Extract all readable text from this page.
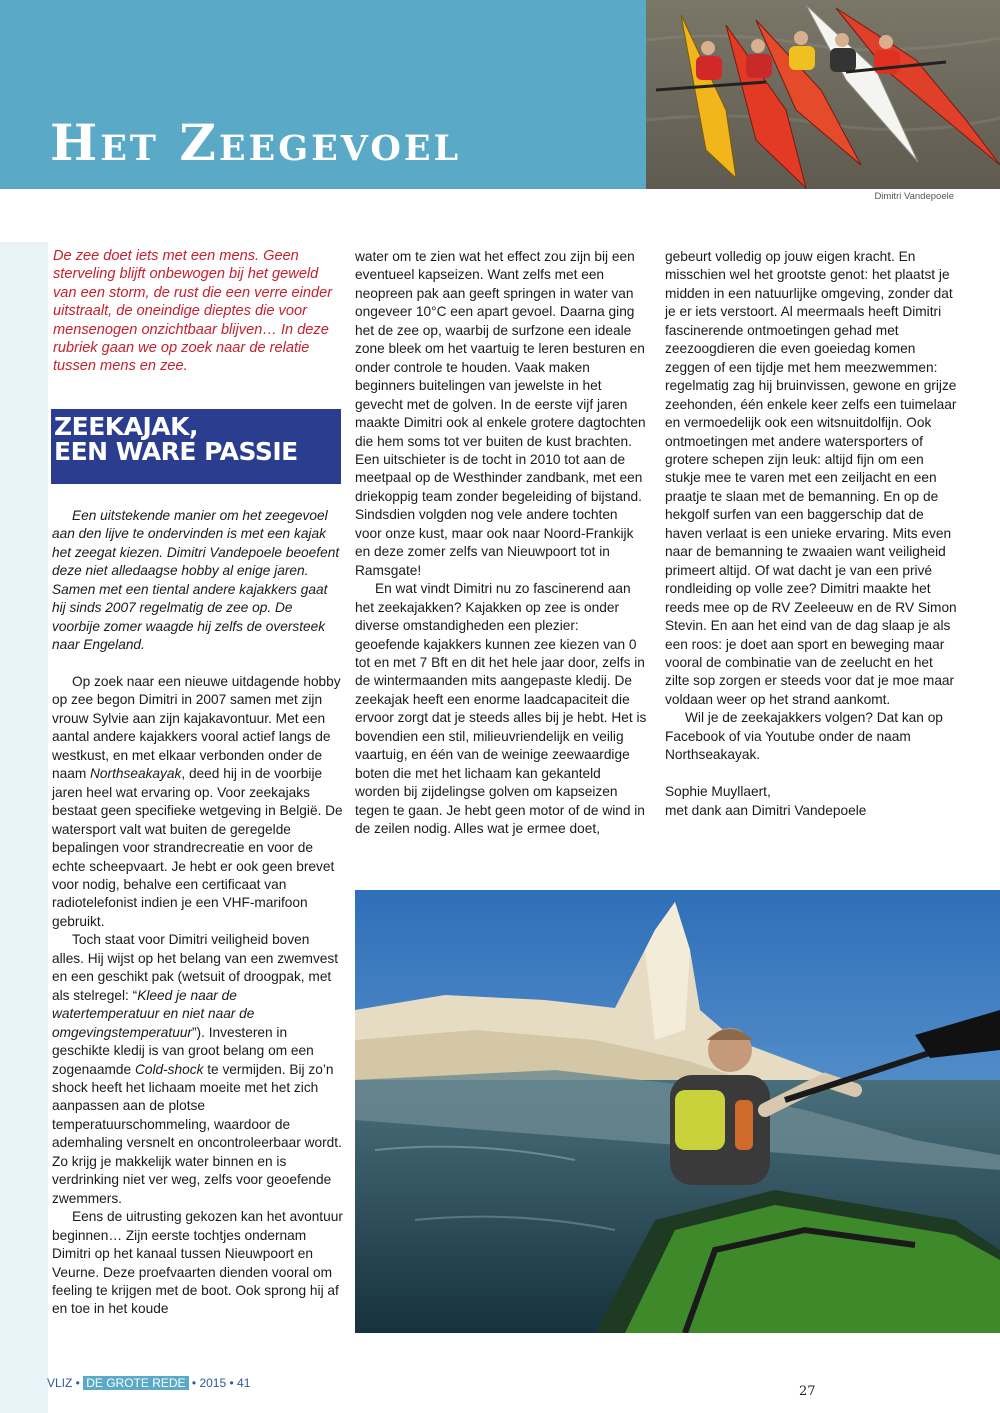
Het Zeegevoel
Dimitri Vandepoele
De zee doet iets met een mens. Geen sterveling blijft onbewogen bij het geweld van een storm, de rust die een verre einder uitstraalt, de oneindige dieptes die voor mensenogen onzichtbaar blijven… In deze rubriek gaan we op zoek naar de relatie tussen mens en zee.
ZEEKAJAK,
EEN WARE PASSIE

Een uitstekende manier om het zeegevoel aan den lijve te ondervinden is met een kajak het zeegat kiezen. Dimitri Vandepoele beoefent deze niet alledaagse hobby al enige jaren. Samen met een tiental andere kajakkers gaat hij sinds 2007 regelmatig de zee op. De voorbije zomer waagde hij zelfs de oversteek naar Engeland.

Op zoek naar een nieuwe uitdagende hobby op zee begon Dimitri in 2007 samen met zijn vrouw Sylvie aan zijn kajakavontuur. Met een aantal andere kajakkers vooral actief langs de westkust, en met elkaar verbonden onder de naam Northseakayak, deed hij in de voorbije jaren heel wat ervaring op. Voor zeekajaks bestaat geen specifieke wetgeving in België. De watersport valt wat buiten de geregelde bepalingen voor strandrecreatie en voor de echte scheepvaart. Je hebt er ook geen brevet voor nodig, behalve een certificaat van radiotelefonist indien je een VHF-marifoon gebruikt.

Toch staat voor Dimitri veiligheid boven alles. Hij wijst op het belang van een zwemvest en een geschikt pak (wetsuit of droogpak, met als stelregel: “Kleed je naar de watertemperatuur en niet naar de omgevingstemperatuur”). Investeren in geschikte kledij is van groot belang om een zogenaamde Cold-shock te vermijden. Bij zo’n shock heeft het lichaam moeite met het zich aanpassen aan de plotse temperatuurschommeling, waardoor de ademhaling versnelt en oncontroleerbaar wordt. Zo krijg je makkelijk water binnen en is verdrinking niet ver weg, zelfs voor geoefende zwemmers.

Eens de uitrusting gekozen kan het avontuur beginnen… Zijn eerste tochtjes ondernam Dimitri op het kanaal tussen Nieuwpoort en Veurne. Deze proefvaarten dienden vooral om feeling te krijgen met de boot. Ook sprong hij af en toe in het koude

water om te zien wat het effect zou zijn bij een eventueel kapseizen. Want zelfs met een neopreen pak aan geeft springen in water van ongeveer 10°C een apart gevoel. Daarna ging het de zee op, waarbij de surfzone een ideale zone bleek om het vaartuig te leren besturen en onder controle te houden. Vaak maken beginners buitelingen van jewelste in het gevecht met de golven. In de eerste vijf jaren maakte Dimitri ook al enkele grotere dagtochten die hem soms tot ver buiten de kust brachten. Een uitschieter is de tocht in 2010 tot aan de meetpaal op de Westhinder zandbank, met een driekoppig team zonder begeleiding of bijstand. Sindsdien volgden nog vele andere tochten voor onze kust, maar ook naar Noord-Frankijk en deze zomer zelfs van Nieuwpoort tot in Ramsgate!

En wat vindt Dimitri nu zo fascinerend aan het zeekajakken? Kajakken op zee is onder diverse omstandigheden een plezier: geoefende kajakkers kunnen zee kiezen van 0 tot en met 7 Bft en dit het hele jaar door, zelfs in de wintermaanden mits aangepaste kledij. De zeekajak heeft een enorme laadcapaciteit die ervoor zorgt dat je steeds alles bij je hebt. Het is bovendien een stil, milieuvriendelijk en veilig vaartuig, en één van de weinige zeewaardige boten die met het lichaam kan gekanteld worden bij zijdelingse golven om kapseizen tegen te gaan. Je hebt geen motor of de wind in de zeilen nodig. Alles wat je ermee doet,

gebeurt volledig op jouw eigen kracht. En misschien wel het grootste genot: het plaatst je midden in een natuurlijke omgeving, zonder dat je er iets verstoort. Al meermaals heeft Dimitri fascinerende ontmoetingen gehad met zeezoogdieren die even goeiedag komen zeggen of een tijdje met hem meezwemmen: regelmatig zag hij bruinvissen, gewone en grijze zeehonden, één enkele keer zelfs een tuimelaar en vermoedelijk ook een witsnuitdolfijn. Ook ontmoetingen met andere watersporters of grotere schepen zijn leuk: altijd fijn om een stukje mee te varen met een zeiljacht en een praatje te slaan met de bemanning. En op de hekgolf surfen van een baggerschip dat de haven verlaat is een unieke ervaring. Mits even naar de bemanning te zwaaien want veiligheid primeert altijd. Of wat dacht je van een privé rondleiding op volle zee? Dimitri maakte het reeds mee op de RV Zeeleeuw en de RV Simon Stevin. En aan het eind van de dag slaap je als een roos: je doet aan sport en beweging maar vooral de combinatie van de zeelucht en het zilte sop zorgen er steeds voor dat je moe maar voldaan weer op het strand aankomt.

Wil je de zeekajakkers volgen? Dat kan op Facebook of via Youtube onder de naam Northseakayak.

Sophie Muyllaert,

met dank aan Dimitri Vandepoele

VLIZ • DE GROTE REDE • 2015 • 41
27
